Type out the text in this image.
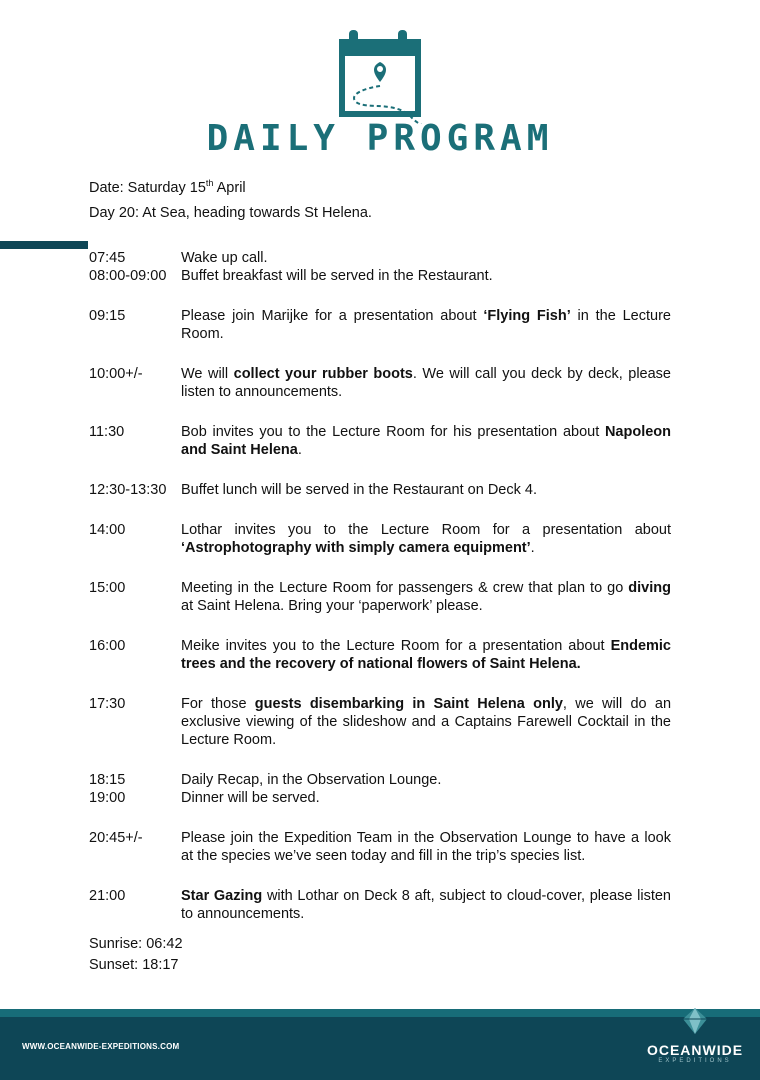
DAILY PROGRAM
Date: Saturday 15th April
Day 20: At Sea, heading towards St Helena.
07:45	Wake up call.
08:00-09:00	Buffet breakfast will be served in the Restaurant.
09:15	Please join Marijke for a presentation about ‘Flying Fish’ in the Lecture Room.
10:00+/-	We will collect your rubber boots. We will call you deck by deck, please listen to announcements.
11:30	Bob invites you to the Lecture Room for his presentation about Napoleon and Saint Helena.
12:30-13:30	Buffet lunch will be served in the Restaurant on Deck 4.
14:00	Lothar invites you to the Lecture Room for a presentation about ‘Astrophotography with simply camera equipment’.
15:00	Meeting in the Lecture Room for passengers & crew that plan to go diving at Saint Helena. Bring your ‘paperwork’ please.
16:00	Meike invites you to the Lecture Room for a presentation about Endemic trees and the recovery of national flowers of Saint Helena.
17:30	For those guests disembarking in Saint Helena only, we will do an exclusive viewing of the slideshow and a Captains Farewell Cocktail in the Lecture Room.
18:15	Daily Recap, in the Observation Lounge.
19:00	Dinner will be served.
20:45+/-	Please join the Expedition Team in the Observation Lounge to have a look at the species we’ve seen today and fill in the trip’s species list.
21:00	Star Gazing with Lothar on Deck 8 aft, subject to cloud-cover, please listen to announcements.
Sunrise: 06:42
Sunset: 18:17
WWW.OCEANWIDE-EXPEDITIONS.COM	OCEANWIDE
EXPEDITIONS
